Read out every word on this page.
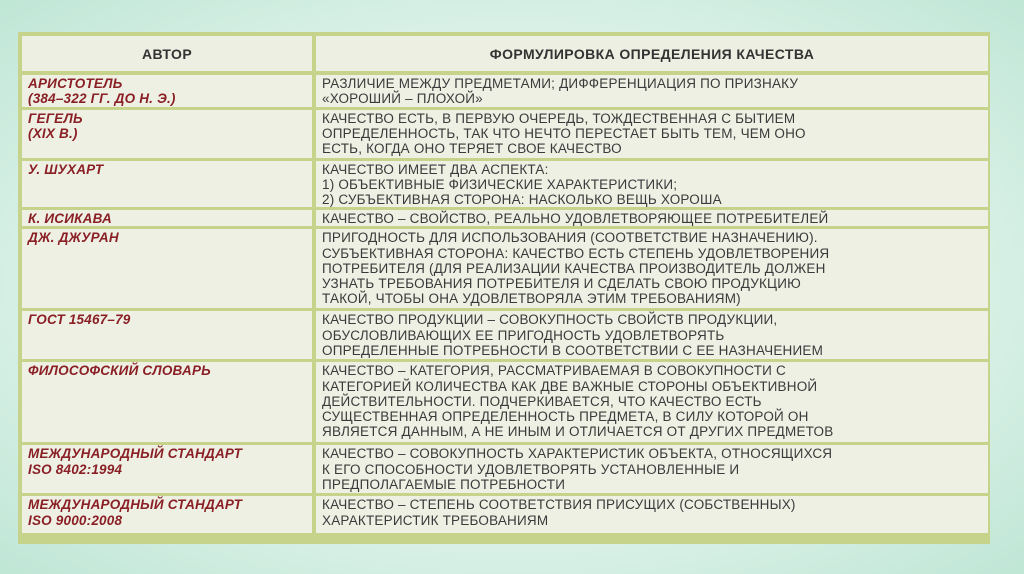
АВТОР	ФОРМУЛИРОВКА ОПРЕДЕЛЕНИЯ КАЧЕСТВА

АРИСТОТЕЛЬ
(384–322 ГГ. ДО Н. Э.)	РАЗЛИЧИЕ МЕЖДУ ПРЕДМЕТАМИ; ДИФФЕРЕНЦИАЦИЯ ПО ПРИЗНАКУ
«ХОРОШИЙ – ПЛОХОЙ»

ГЕГЕЛЬ
(XIX В.)	КАЧЕСТВО ЕСТЬ, В ПЕРВУЮ ОЧЕРЕДЬ, ТОЖДЕСТВЕННАЯ С БЫТИЕМ
ОПРЕДЕЛЕННОСТЬ, ТАК ЧТО НЕЧТО ПЕРЕСТАЕТ БЫТЬ ТЕМ, ЧЕМ ОНО
ЕСТЬ, КОГДА ОНО ТЕРЯЕТ СВОЕ КАЧЕСТВО

У. ШУХАРТ	КАЧЕСТВО ИМЕЕТ ДВА АСПЕКТА:
1) ОБЪЕКТИВНЫЕ ФИЗИЧЕСКИЕ ХАРАКТЕРИСТИКИ;
2) СУБЪЕКТИВНАЯ СТОРОНА: НАСКОЛЬКО ВЕЩЬ ХОРОША

К. ИСИКАВА	КАЧЕСТВО – СВОЙСТВО, РЕАЛЬНО УДОВЛЕТВОРЯЮЩЕЕ ПОТРЕБИТЕЛЕЙ

ДЖ. ДЖУРАН	ПРИГОДНОСТЬ ДЛЯ ИСПОЛЬЗОВАНИЯ (СООТВЕТСТВИЕ НАЗНАЧЕНИЮ).
СУБЪЕКТИВНАЯ СТОРОНА: КАЧЕСТВО ЕСТЬ СТЕПЕНЬ УДОВЛЕТВОРЕНИЯ
ПОТРЕБИТЕЛЯ (ДЛЯ РЕАЛИЗАЦИИ КАЧЕСТВА ПРОИЗВОДИТЕЛЬ ДОЛЖЕН
УЗНАТЬ ТРЕБОВАНИЯ ПОТРЕБИТЕЛЯ И СДЕЛАТЬ СВОЮ ПРОДУКЦИЮ
ТАКОЙ, ЧТОБЫ ОНА УДОВЛЕТВОРЯЛА ЭТИМ ТРЕБОВАНИЯМ)

ГОСТ 15467–79	КАЧЕСТВО ПРОДУКЦИИ – СОВОКУПНОСТЬ СВОЙСТВ ПРОДУКЦИИ,
ОБУСЛОВЛИВАЮЩИХ ЕЕ ПРИГОДНОСТЬ УДОВЛЕТВОРЯТЬ
ОПРЕДЕЛЕННЫЕ ПОТРЕБНОСТИ В СООТВЕТСТВИИ С ЕЕ НАЗНАЧЕНИЕМ

ФИЛОСОФСКИЙ СЛОВАРЬ	КАЧЕСТВО – КАТЕГОРИЯ, РАССМАТРИВАЕМАЯ В СОВОКУПНОСТИ С
КАТЕГОРИЕЙ КОЛИЧЕСТВА КАК ДВЕ ВАЖНЫЕ СТОРОНЫ ОБЪЕКТИВНОЙ
ДЕЙСТВИТЕЛЬНОСТИ. ПОДЧЕРКИВАЕТСЯ, ЧТО КАЧЕСТВО ЕСТЬ
СУЩЕСТВЕННАЯ ОПРЕДЕЛЕННОСТЬ ПРЕДМЕТА, В СИЛУ КОТОРОЙ ОН
ЯВЛЯЕТСЯ ДАННЫМ, А НЕ ИНЫМ И ОТЛИЧАЕТСЯ ОТ ДРУГИХ ПРЕДМЕТОВ

МЕЖДУНАРОДНЫЙ СТАНДАРТ
ISO 8402:1994	КАЧЕСТВО – СОВОКУПНОСТЬ ХАРАКТЕРИСТИК ОБЪЕКТА, ОТНОСЯЩИХСЯ
К ЕГО СПОСОБНОСТИ УДОВЛЕТВОРЯТЬ УСТАНОВЛЕННЫЕ И
ПРЕДПОЛАГАЕМЫЕ ПОТРЕБНОСТИ

МЕЖДУНАРОДНЫЙ СТАНДАРТ
ISO 9000:2008	КАЧЕСТВО – СТЕПЕНЬ СООТВЕТСТВИЯ ПРИСУЩИХ (СОБСТВЕННЫХ)
ХАРАКТЕРИСТИК ТРЕБОВАНИЯМ
